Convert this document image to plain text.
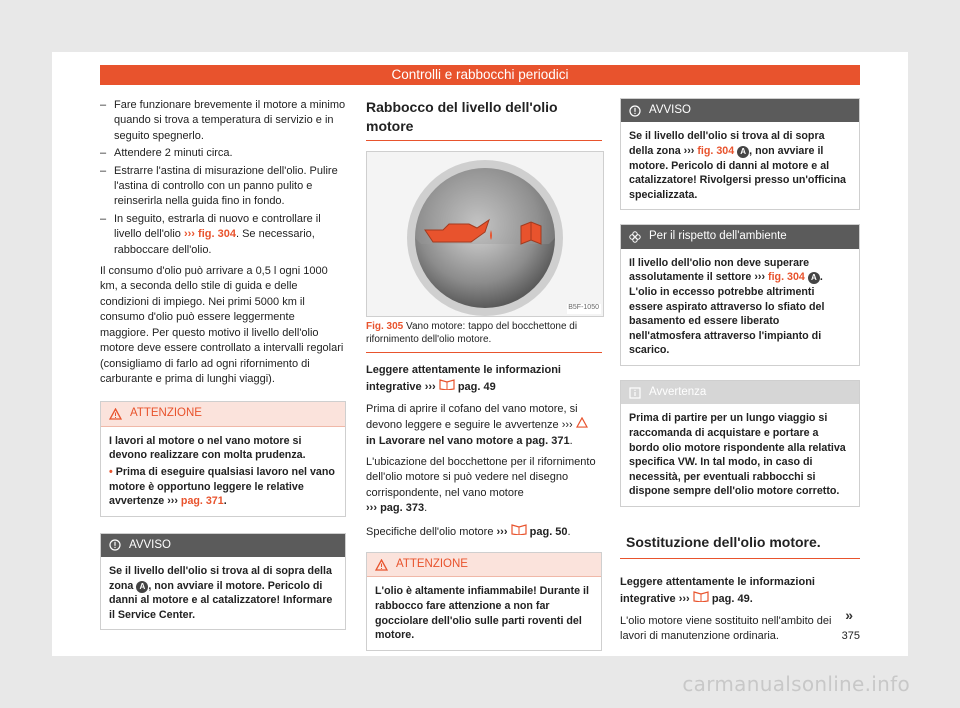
Controlli e rabbocchi periodici
– Fare funzionare brevemente il motore a minimo quando si trova a temperatura di servizio e in seguito spegnerlo.
– Attendere 2 minuti circa.
– Estrarre l'astina di misurazione dell'olio. Pulire l'astina di controllo con un panno pulito e reinserirla nella guida fino in fondo.
– In seguito, estrarla di nuovo e controllare il livello dell'olio ››› fig. 304. Se necessario, rabboccare dell'olio.

Il consumo d'olio può arrivare a 0,5 l ogni 1000 km, a seconda dello stile di guida e delle condizioni di impiego. Nei primi 5000 km il consumo d'olio può essere leggermente maggiore. Per questo motivo il livello dell'olio motore deve essere controllato a intervalli regolari (consigliamo di farlo ad ogni rifornimento di carburante e prima di lunghi viaggi).

ATTENZIONE
I lavori al motore o nel vano motore si devono realizzare con molta prudenza.
• Prima di eseguire qualsiasi lavoro nel vano motore è opportuno leggere le relative avvertenze ››› pag. 371.
AVVISO
Se il livello dell'olio si trova al di sopra della zona A , non avviare il motore. Pericolo di danni al motore e al catalizzatore! Informare il Service Center.
Rabbocco del livello dell'olio motore
B5F-1050
Fig. 305 Vano motore: tappo del bocchettone di rifornimento dell'olio motore.

Leggere attentamente le informazioni integrative ››› pag. 49

Prima di aprire il cofano del vano motore, si devono leggere e seguire le avvertenze ›››
in Lavorare nel vano motore a pag. 371.

L'ubicazione del bocchettone per il rifornimento dell'olio motore si può vedere nel disegno corrispondente, nel vano motore
››› pag. 373.

Specifiche dell'olio motore ››› pag. 50.

ATTENZIONE
L'olio è altamente infiammabile! Durante il rabbocco fare attenzione a non far gocciolare dell'olio sulle parti roventi del motore.
AVVISO
Se il livello dell'olio si trova al di sopra della zona ››› fig. 304 A , non avviare il motore. Pericolo di danni al motore e al catalizzatore! Rivolgersi presso un'officina specializzata.
Per il rispetto dell'ambiente
Il livello dell'olio non deve superare assolutamente il settore ››› fig. 304 A . L'olio in eccesso potrebbe altrimenti essere aspirato attraverso lo sfiato del basamento ed essere liberato nell'atmosfera attraverso l'impianto di scarico.
Avvertenza
Prima di partire per un lungo viaggio si raccomanda di acquistare e portare a bordo olio motore rispondente alla relativa specifica VW. In tal modo, in caso di necessità, per eventuali rabbocchi si dispone sempre dell'olio motore corretto.
Sostituzione dell'olio motore.

Leggere attentamente le informazioni integrative ››› pag. 49.

L'olio motore viene sostituito nell'ambito dei lavori di manutenzione ordinaria.

»
375
carmanualsonline.info
